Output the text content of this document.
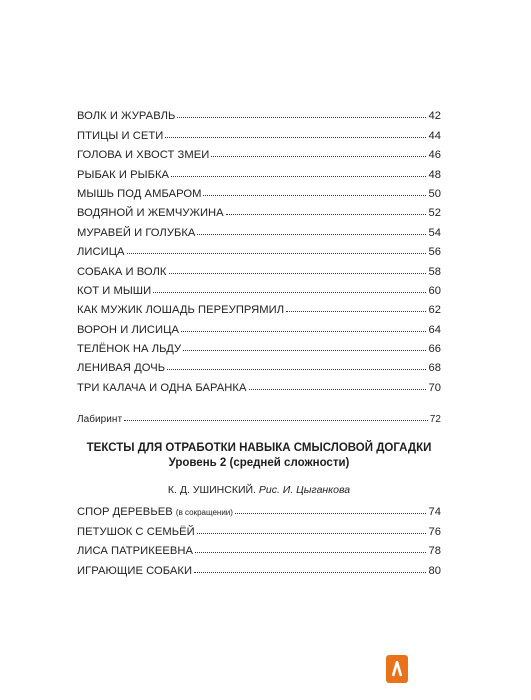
ВОЛК И ЖУРАВЛЬ	42
ПТИЦЫ И СЕТИ	44
ГОЛОВА И ХВОСТ ЗМЕИ	46
РЫБАК И РЫБКА	48
МЫШЬ ПОД АМБАРОМ	50
ВОДЯНОЙ И ЖЕМЧУЖИНА	52
МУРАВЕЙ И ГОЛУБКА	54
ЛИСИЦА	56
СОБАКА И ВОЛК	58
КОТ И МЫШИ	60
КАК МУЖИК ЛОШАДЬ ПЕРЕУПРЯМИЛ	62
ВОРОН И ЛИСИЦА	64
ТЕЛЁНОК НА ЛЬДУ	66
ЛЕНИВАЯ ДОЧЬ	68
ТРИ КАЛАЧА И ОДНА БАРАНКА	70
Лабиринт	72
ТЕКСТЫ ДЛЯ ОТРАБОТКИ НАВЫКА СМЫСЛОВОЙ ДОГАДКИ
Уровень 2 (средней сложности)
К. Д. УШИНСКИЙ. Рис. И. Цыганкова
СПОР ДЕРЕВЬЕВ (в сокращении)	74
ПЕТУШОК С СЕМЬЁЙ	76
ЛИСА ПАТРИКЕЕВНА	78
ИГРАЮЩИЕ СОБАКИ	80
